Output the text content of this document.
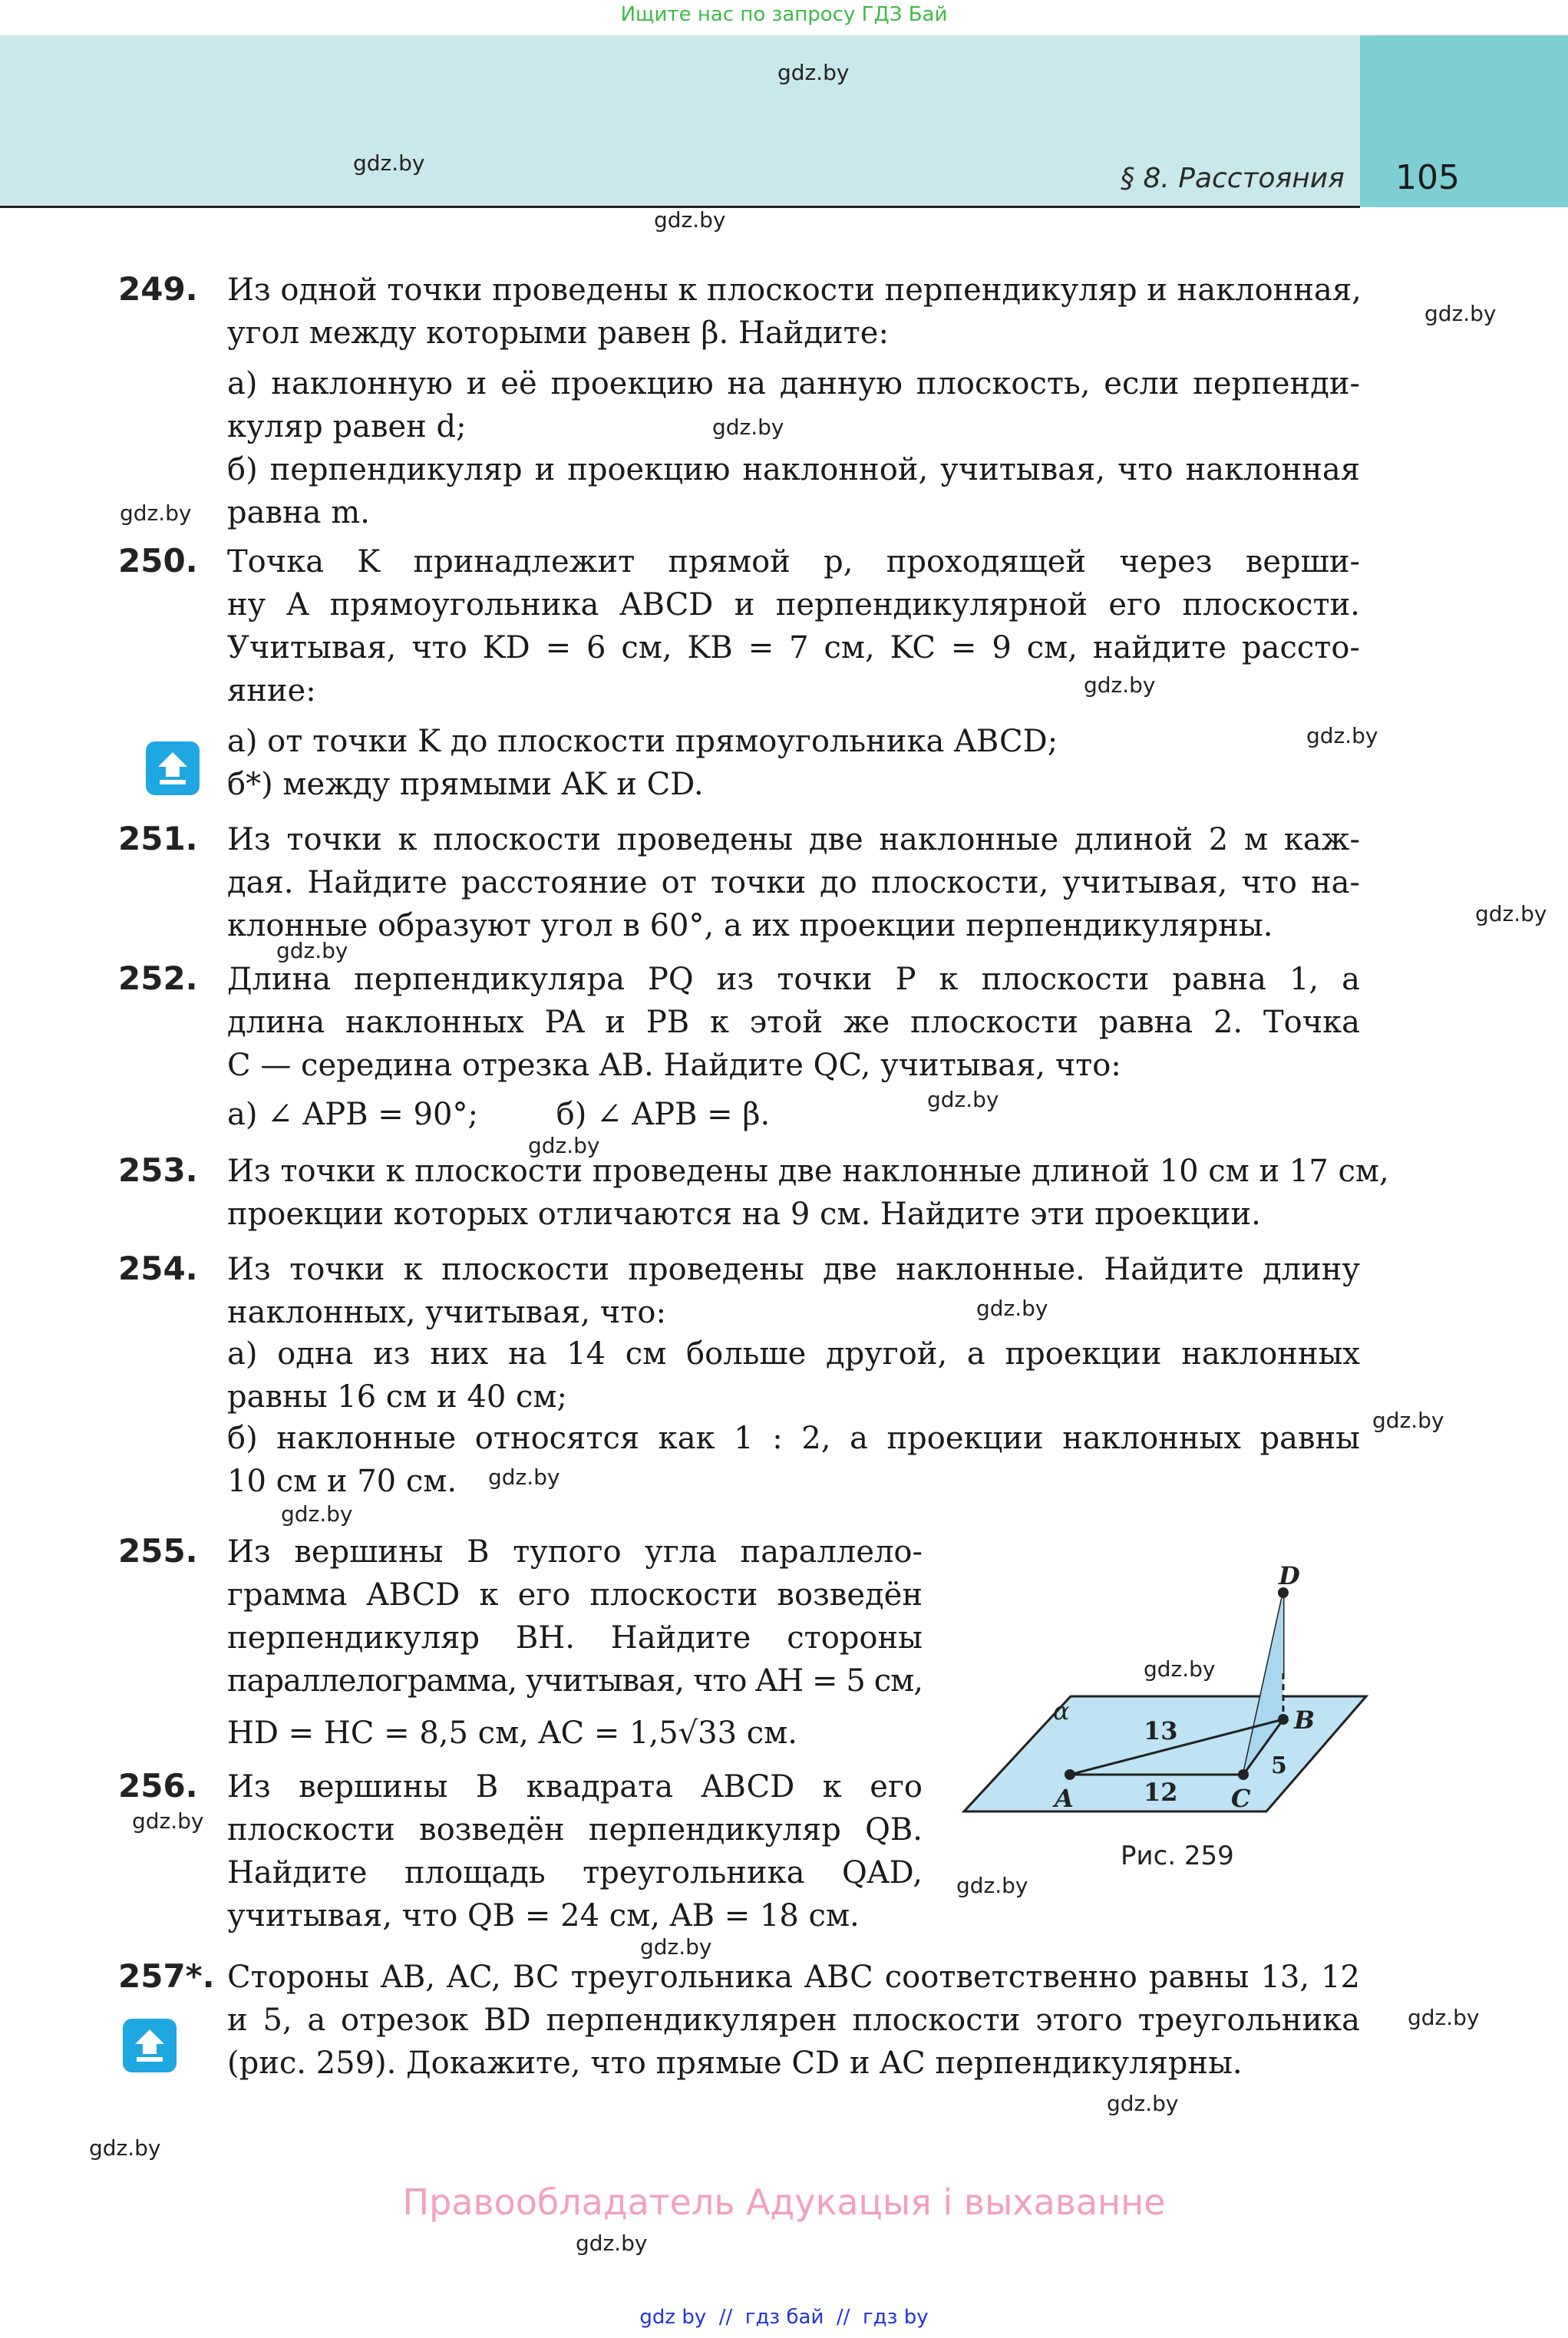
Ищите нас по запросу ГДЗ Бай
§ 8. Расстояния 105
gdz.by
gdz.by
gdz.by
gdz.by
gdz.by
gdz.by
gdz.by
gdz.by
gdz.by
gdz.by
gdz.by
gdz.by
gdz.by
gdz.by
gdz.by
gdz.by
gdz.by
gdz.by
gdz.by
gdz.by
gdz.by
gdz.by
gdz.by
gdz.by
249. Из одной точки проведены к плоскости перпендикуляр и наклонная,
угол между которыми равен β. Найдите:
а) наклонную и её проекцию на данную плоскость, если перпенди-
куляр равен d;
б) перпендикуляр и проекцию наклонной, учитывая, что наклонная
равна m.
250. Точка K принадлежит прямой p, проходящей через верши-
ну A прямоугольника ABCD и перпендикулярной его плоскости.
Учитывая, что KD = 6 см, KB = 7 см, KC = 9 см, найдите рассто-
яние:
а) от точки K до плоскости прямоугольника ABCD;
б*) между прямыми AK и CD.
251. Из точки к плоскости проведены две наклонные длиной 2 м каж-
дая. Найдите расстояние от точки до плоскости, учитывая, что на-
клонные образуют угол в 60°, а их проекции перпендикулярны.
252. Длина перпендикуляра PQ из точки P к плоскости равна 1, а
длина наклонных PA и PB к этой же плоскости равна 2. Точка
C — середина отрезка AB. Найдите QC, учитывая, что:
а) ∠ APB = 90°;        б) ∠ APB = β.
253. Из точки к плоскости проведены две наклонные длиной 10 см и 17 см,
проекции которых отличаются на 9 см. Найдите эти проекции.
254. Из точки к плоскости проведены две наклонные. Найдите длину
наклонных, учитывая, что:
а) одна из них на 14 см больше другой, а проекции наклонных
равны 16 см и 40 см;
б) наклонные относятся как 1 : 2, а проекции наклонных равны
10 см и 70 см.
255. Из вершины B тупого угла параллело-
грамма ABCD к его плоскости возведён
перпендикуляр BH. Найдите стороны
параллелограмма, учитывая, что AH = 5 см,
HD = HC = 8,5 см, AC = 1,5√33 см.
256. Из вершины B квадрата ABCD к его
плоскости возведён перпендикуляр QB.
Найдите площадь треугольника QAD,
учитывая, что QB = 24 см, AB = 18 см.
257*. Стороны AB, AC, BC треугольника ABC соответственно равны 13, 12
и 5, а отрезок BD перпендикулярен плоскости этого треугольника
(рис. 259). Докажите, что прямые CD и AC перпендикулярны.
D
B
A	C
α
13
12
5
Рис. 259
Правообладатель Адукацыя і выхаванне
gdz by  //  гдз бай  //  гдз by
